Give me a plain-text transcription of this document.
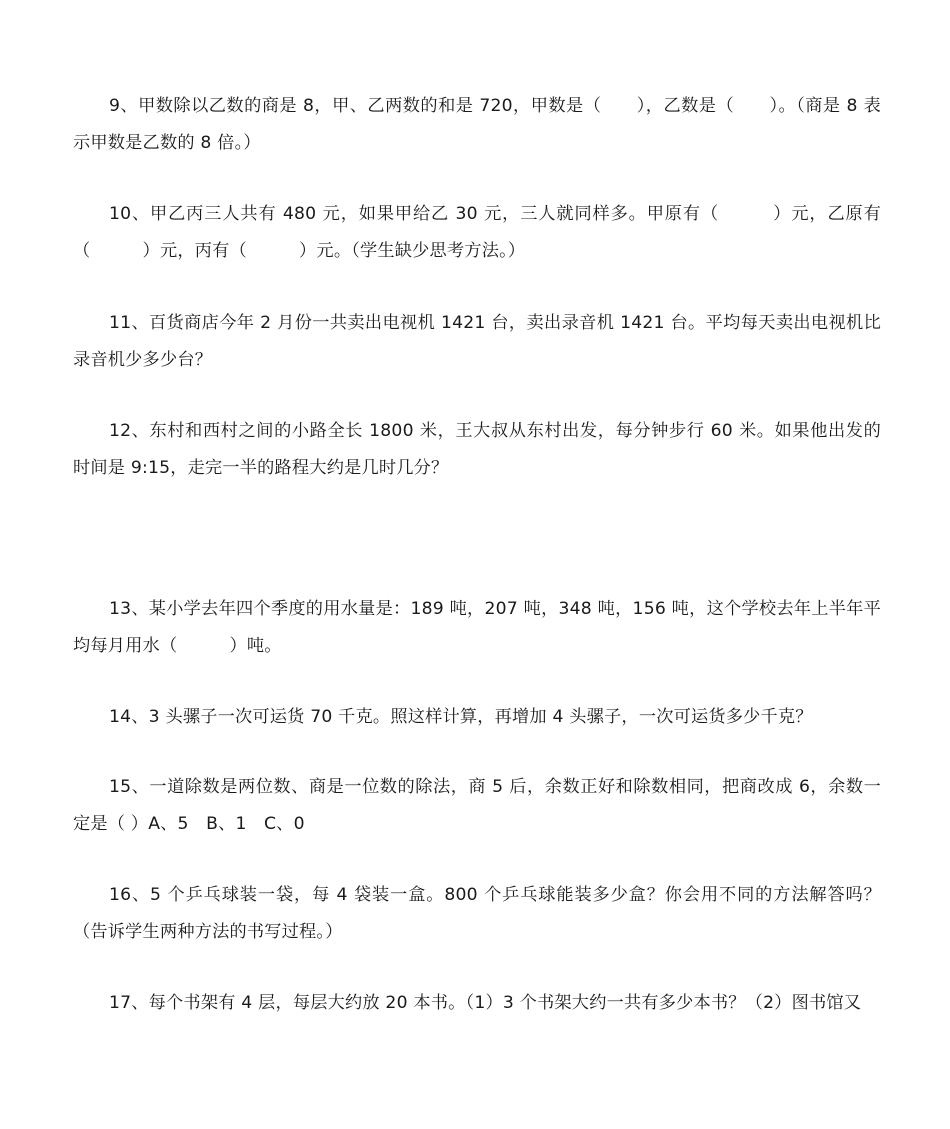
9、甲数除以乙数的商是 8，甲、乙两数的和是 720，甲数是（　　），乙数是（　　）。（商是 8 表示甲数是乙数的 8 倍。）

10、甲乙丙三人共有 480 元，如果甲给乙 30 元，三人就同样多。甲原有（　　　）元，乙原有（　　　）元，丙有（　　　）元。（学生缺少思考方法。）

11、百货商店今年 2 月份一共卖出电视机 1421 台，卖出录音机 1421 台。平均每天卖出电视机比录音机少多少台？

12、东村和西村之间的小路全长 1800 米，王大叔从东村出发，每分钟步行 60 米。如果他出发的时间是 9:15，走完一半的路程大约是几时几分？

13、某小学去年四个季度的用水量是：189 吨，207 吨，348 吨，156 吨，这个学校去年上半年平均每月用水（　　　）吨。

14、3 头骡子一次可运货 70 千克。照这样计算，再增加 4 头骡子，一次可运货多少千克？

15、一道除数是两位数、商是一位数的除法，商 5 后，余数正好和除数相同，把商改成 6，余数一定是（ ）A、5　B、1　C、0

16、5 个乒乓球装一袋，每 4 袋装一盒。800 个乒乓球能装多少盒？你会用不同的方法解答吗？（告诉学生两种方法的书写过程。）

17、每个书架有 4 层，每层大约放 20 本书。（1）3 个书架大约一共有多少本书？（2）图书馆又
